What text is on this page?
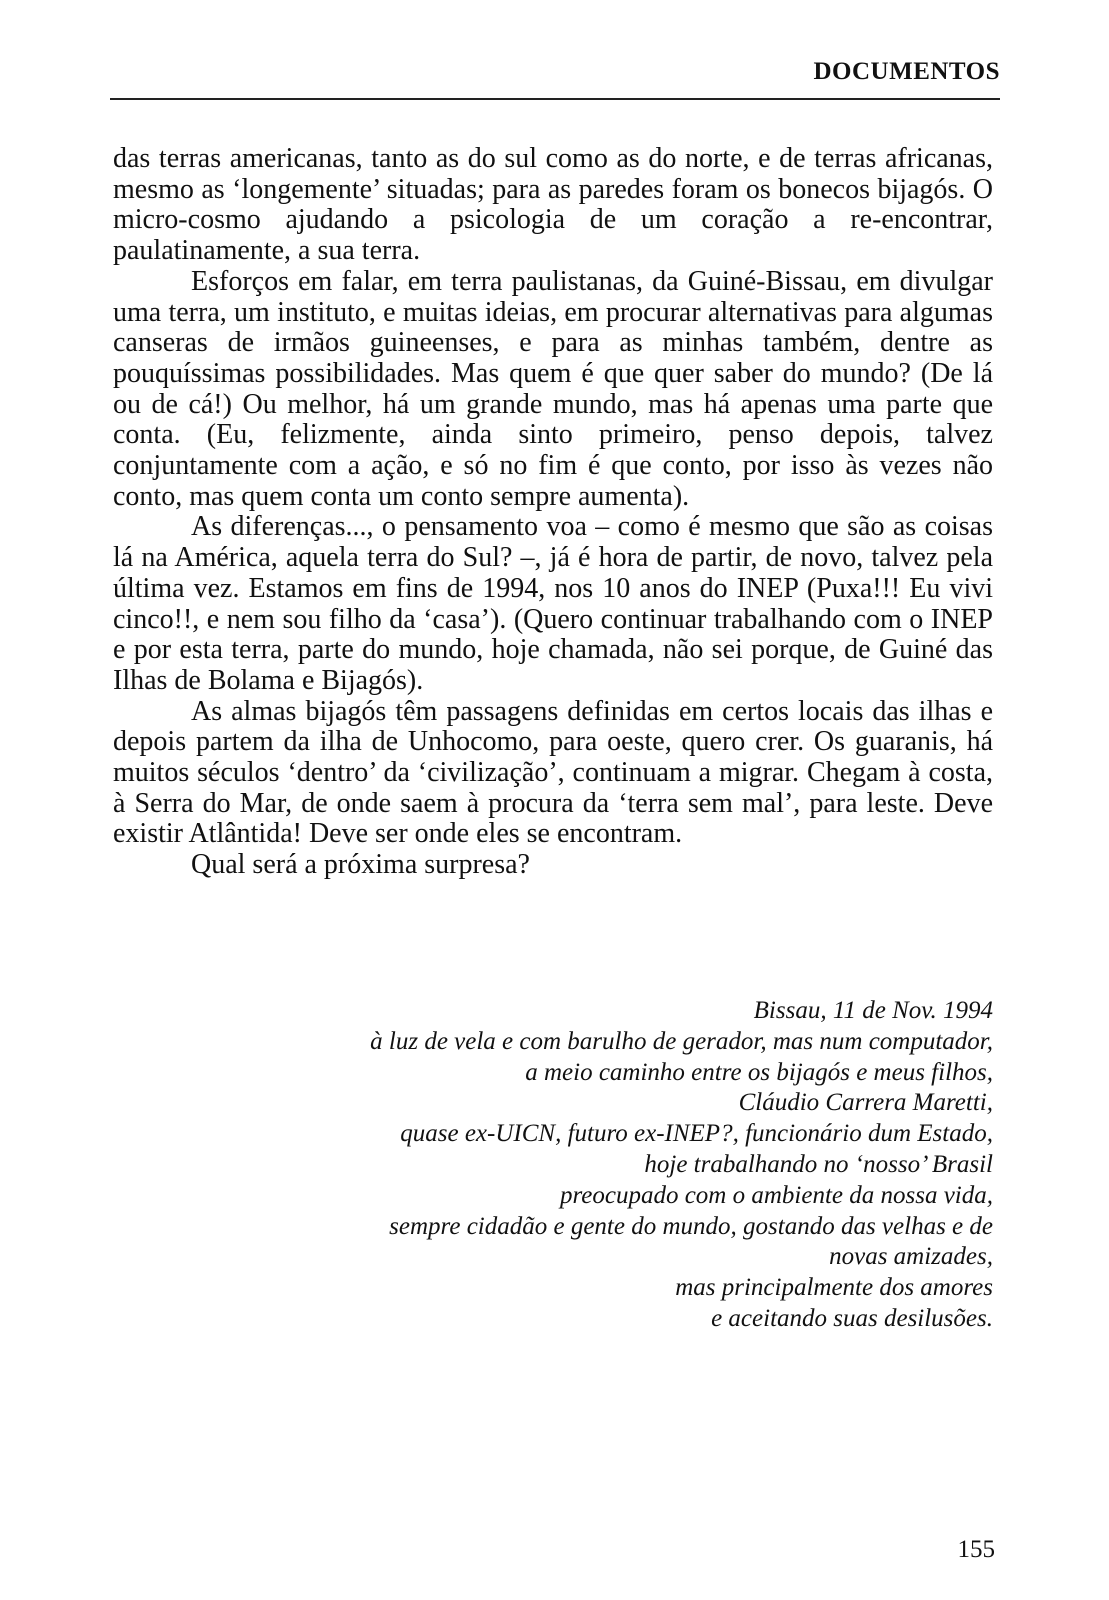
DOCUMENTOS

das terras americanas, tanto as do sul como as do norte, e de terras africanas, mesmo as ‘longemente’ situadas; para as paredes foram os bonecos bijagós. O micro-cosmo ajudando a psicologia de um coração a re-encontrar, paulatinamente, a sua terra.

Esforços em falar, em terra paulistanas, da Guiné-Bissau, em divulgar uma terra, um instituto, e muitas ideias, em procurar alternativas para algumas canseras de irmãos guineenses, e para as minhas também, dentre as pouquíssimas possibilidades. Mas quem é que quer saber do mundo? (De lá ou de cá!) Ou melhor, há um grande mundo, mas há apenas uma parte que conta. (Eu, felizmente, ainda sinto primeiro, penso depois, talvez conjuntamente com a ação, e só no fim é que conto, por isso às vezes não conto, mas quem conta um conto sempre aumenta).

As diferenças..., o pensamento voa – como é mesmo que são as coisas lá na América, aquela terra do Sul? –, já é hora de partir, de novo, talvez pela última vez. Estamos em fins de 1994, nos 10 anos do INEP (Puxa!!! Eu vivi cinco!!, e nem sou filho da ‘casa’). (Quero continuar trabalhando com o INEP e por esta terra, parte do mundo, hoje chamada, não sei porque, de Guiné das Ilhas de Bolama e Bijagós).

As almas bijagós têm passagens definidas em certos locais das ilhas e depois partem da ilha de Unhocomo, para oeste, quero crer. Os guaranis, há muitos séculos ‘dentro’ da ‘civilização’, continuam a migrar. Chegam à costa, à Serra do Mar, de onde saem à procura da ‘terra sem mal’, para leste. Deve existir Atlântida! Deve ser onde eles se encontram.

Qual será a próxima surpresa?

Bissau, 11 de Nov. 1994
à luz de vela e com barulho de gerador, mas num computador,
a meio caminho entre os bijagós e meus filhos,
Cláudio Carrera Maretti,
quase ex-UICN, futuro ex-INEP?, funcionário dum Estado,
hoje trabalhando no ‘nosso’ Brasil
preocupado com o ambiente da nossa vida,
sempre cidadão e gente do mundo, gostando das velhas e de
novas amizades,
mas principalmente dos amores
e aceitando suas desilusões.
155
